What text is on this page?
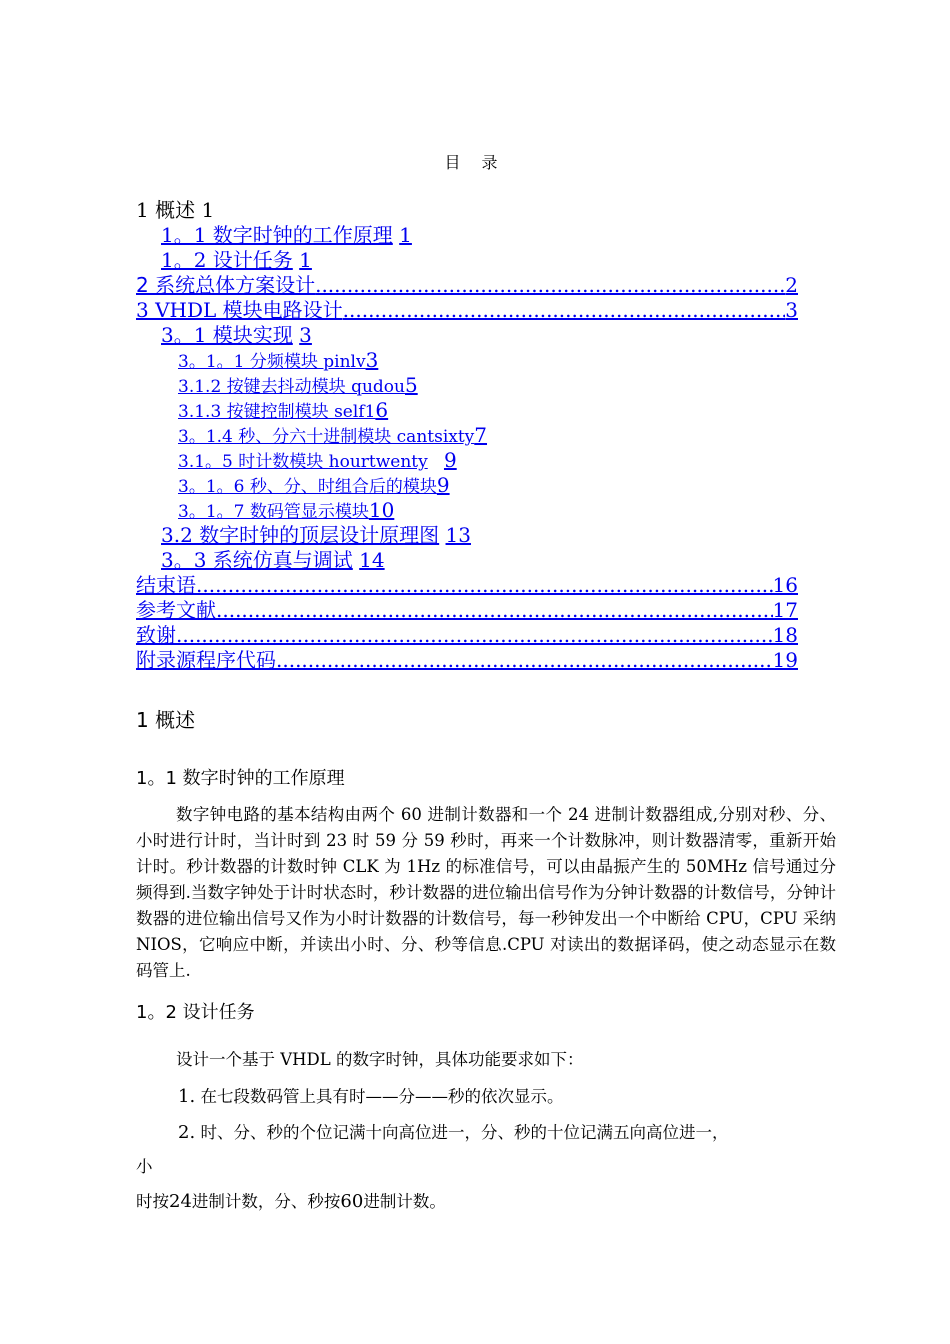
目 录
1 概述 1
1。1 数字时钟的工作原理 1
1。2 设计任务 1
2 系统总体方案设计 .....	2
3 VHDL 模块电路设计 .....	3
3。1 模块实现 3
3。1。1 分频模块 pinlv3
3.1.2 按键去抖动模块 qudou5
3.1.3 按键控制模块 self16
3。1.4 秒、分六十进制模块 cantsixty7
3.1。5 时计数模块 hourtwenty 9
3。1。6 秒、分、时组合后的模块9
3。1。7 数码管显示模块10
3.2 数字时钟的顶层设计原理图 13
3。3 系统仿真与调试 14
结束语 .....	16
参考文献 .....	17
致谢 .....	18
附录源程序代码 .....	19
1 概述
1。1 数字时钟的工作原理
数字钟电路的基本结构由两个 60 进制计数器和一个 24 进制计数器组成,分别对秒、分、小时进行计时，当计时到 23 时 59 分 59 秒时，再来一个计数脉冲，则计数器清零，重新开始计时。秒计数器的计数时钟 CLK 为 1Hz 的标准信号，可以由晶振产生的 50MHz 信号通过分频得到.当数字钟处于计时状态时，秒计数器的进位输出信号作为分钟计数器的计数信号，分钟计数器的进位输出信号又作为小时计数器的计数信号，每一秒钟发出一个中断给 CPU，CPU 采纳 NIOS，它响应中断，并读出小时、分、秒等信息.CPU 对读出的数据译码，使之动态显示在数码管上.
1。2 设计任务
设计一个基于 VHDL 的数字时钟，具体功能要求如下：
1. 在七段数码管上具有时——分——秒的依次显示。
2. 时、分、秒的个位记满十向高位进一，分、秒的十位记满五向高位进一，
小
时按24进制计数，分、秒按60进制计数。
